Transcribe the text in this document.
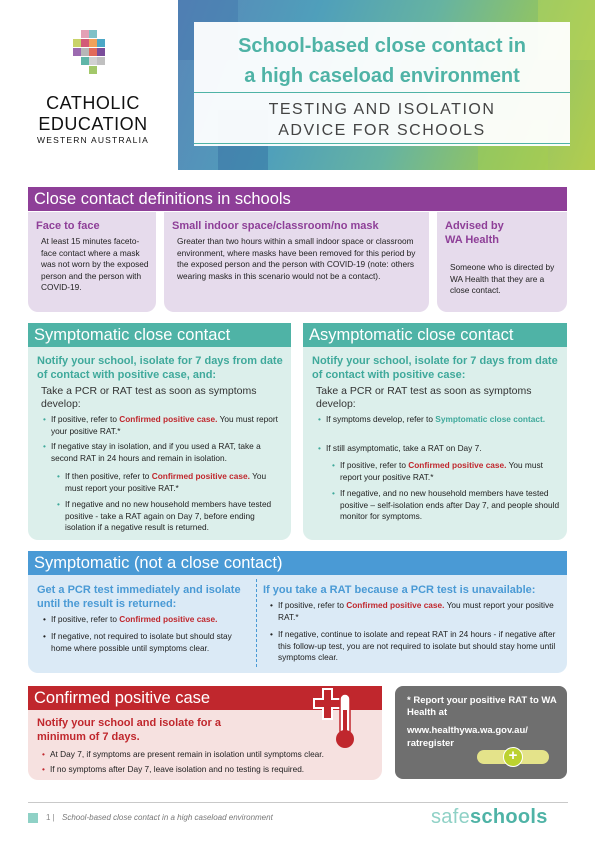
CATHOLIC
EDUCATION
WESTERN AUSTRALIA
School-based close contact in
a high caseload environment
TESTING AND ISOLATION
ADVICE FOR SCHOOLS
Close contact definitions in schools
Face to face
At least 15 minutes faceto-face contact where a mask was not worn by the exposed person and the person with COVID-19.
Small indoor space/classroom/no mask
Greater than two hours within a small indoor space or classroom environment, where masks have been removed for this period by the exposed person and the person with COVID-19 (note: others wearing masks in this scenario would not be a contact).
Advised by
WA Health
Someone who is directed by WA Health that they are a close contact.
Symptomatic close contact
Notify your school, isolate for 7 days from date of contact with positive case, and:
Take a PCR or RAT test as soon as symptoms develop:
• If positive, refer to Confirmed positive case. You must report your positive RAT.*
• If negative stay in isolation, and if you used a RAT, take a second RAT in 24 hours and remain in isolation.
• If then positive, refer to Confirmed positive case. You must report your positive RAT.*
• If negative and no new household members have tested positive - take a RAT again on Day 7, before ending isolation if a negative result is returned.
Asymptomatic close contact
Notify your school, isolate for 7 days from date of contact with positive case:
Take a PCR or RAT test as soon as symptoms develop:
• If symptoms develop, refer to Symptomatic close contact.
• If still asymptomatic, take a RAT on Day 7.
• If positive, refer to Confirmed positive case. You must report your positive RAT.*
• If negative, and no new household members have tested positive – self-isolation ends after Day 7, and people should monitor for symptoms.
Symptomatic (not a close contact)
Get a PCR test immediately and isolate until the result is returned:
• If positive, refer to Confirmed positive case.
• If negative, not required to isolate but should stay home where possible until symptoms clear.
If you take a RAT because a PCR test is unavailable:
• If positive, refer to Confirmed positive case. You must report your positive RAT.*
• If negative, continue to isolate and repeat RAT in 24 hours - if negative after this follow-up test, you are not required to isolate but should stay home until symptoms clear.
Confirmed positive case
Notify your school and isolate for a minimum of 7 days.
• At Day 7, if symptoms are present remain in isolation until symptoms clear.
• If no symptoms after Day 7, leave isolation and no testing is required.
* Report your positive RAT to WA Health at
www.healthywa.wa.gov.au/ ratregister
+
1 | School-based close contact in a high caseload environment	safeschools
